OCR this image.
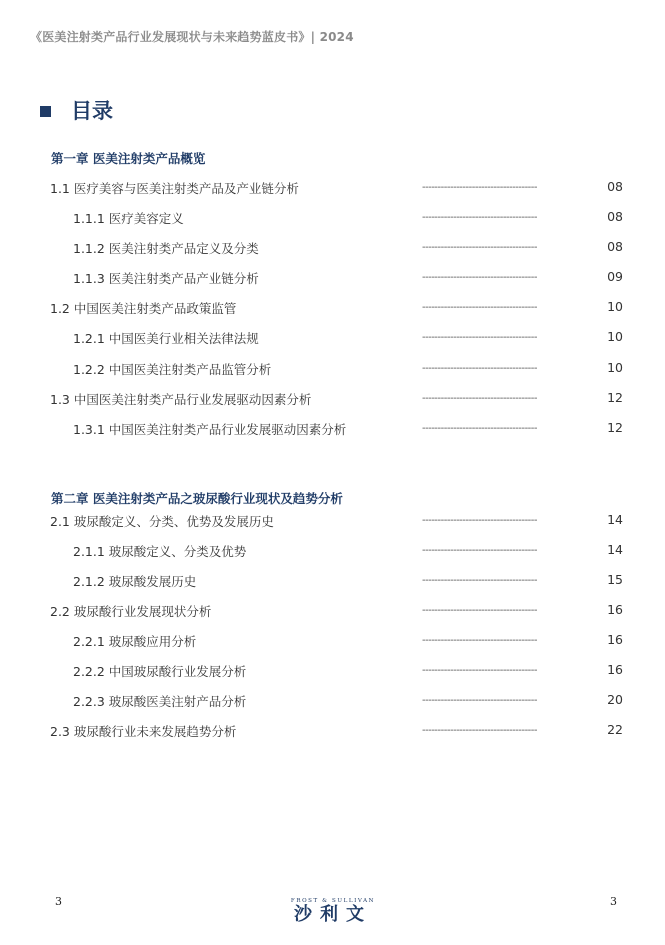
《医美注射类产品行业发展现状与未来趋势蓝皮书》| 2024
目录
第一章 医美注射类产品概览
第二章 医美注射类产品之玻尿酸行业现状及趋势分析
1.1 医疗美容与医美注射类产品及产业链分析	-------------------------------------	08
1.1.1 医疗美容定义	-------------------------------------	08
1.1.2 医美注射类产品定义及分类	-------------------------------------	08
1.1.3 医美注射类产品产业链分析	-------------------------------------	09
1.2 中国医美注射类产品政策监管	-------------------------------------	10
1.2.1 中国医美行业相关法律法规	-------------------------------------	10
1.2.2 中国医美注射类产品监管分析	-------------------------------------	10
1.3 中国医美注射类产品行业发展驱动因素分析	-------------------------------------	12
1.3.1 中国医美注射类产品行业发展驱动因素分析	-------------------------------------	12
2.1 玻尿酸定义、分类、优势及发展历史	-------------------------------------	14
2.1.1 玻尿酸定义、分类及优势	-------------------------------------	14
2.1.2 玻尿酸发展历史	-------------------------------------	15
2.2 玻尿酸行业发展现状分析	-------------------------------------	16
2.2.1 玻尿酸应用分析	-------------------------------------	16
2.2.2 中国玻尿酸行业发展分析	-------------------------------------	16
2.2.3 玻尿酸医美注射产品分析	-------------------------------------	20
2.3 玻尿酸行业未来发展趋势分析	-------------------------------------	22
3	3
FROST & SULLIVAN
沙利文
